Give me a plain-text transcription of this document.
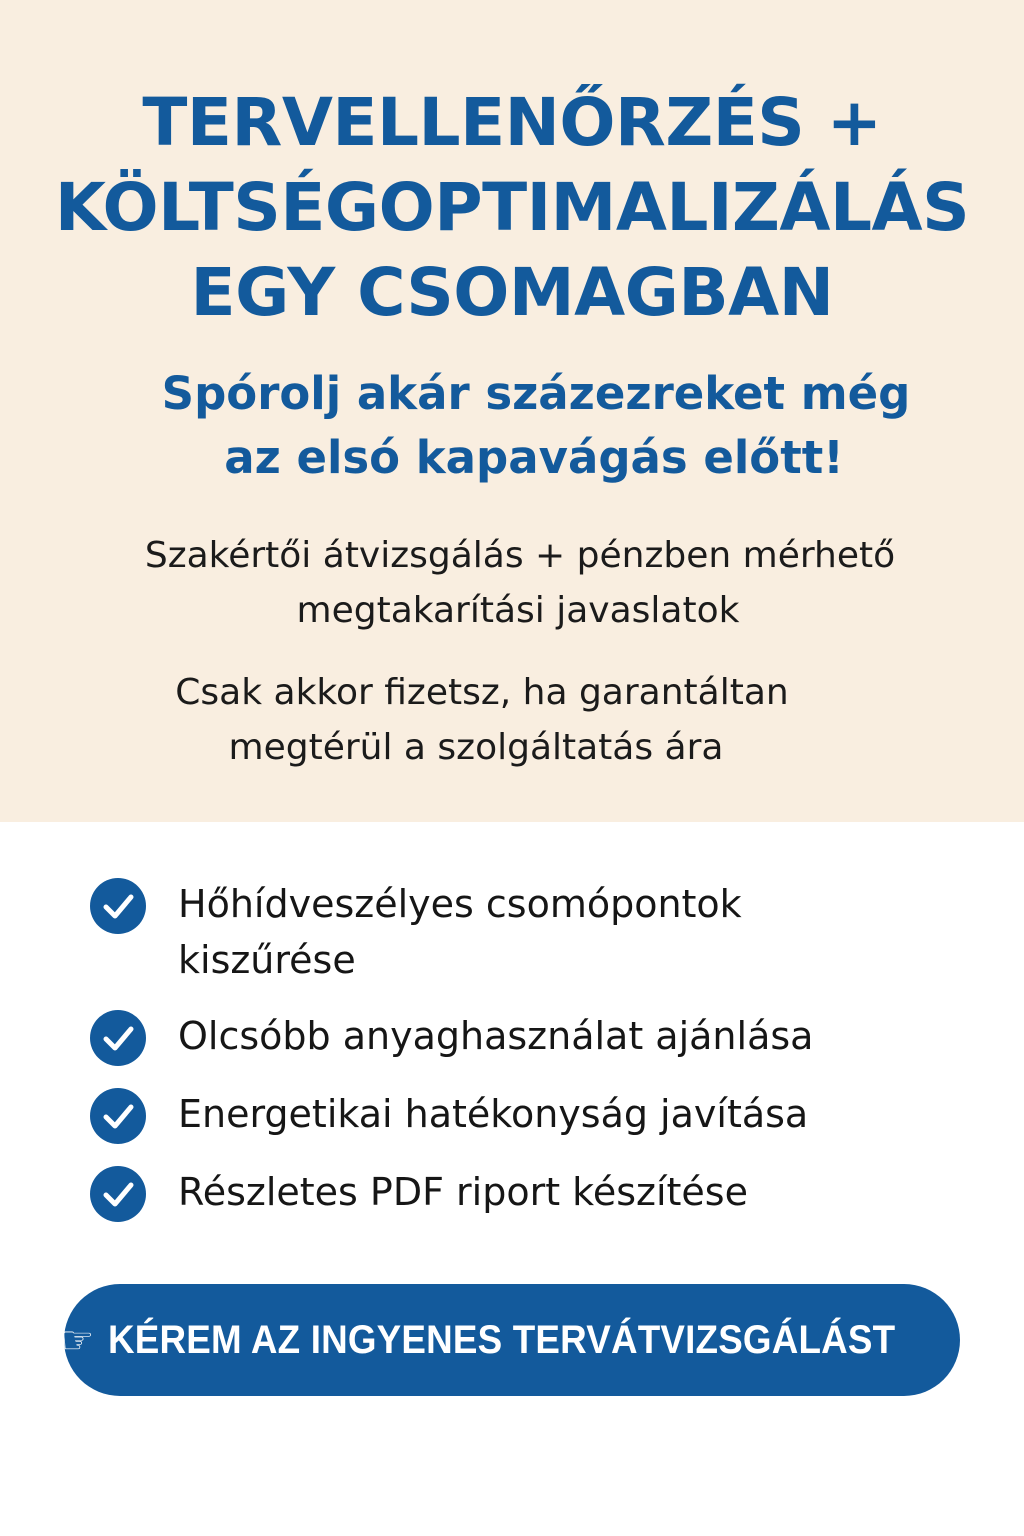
TERVELLENŐRZÉS +
KÖLTSÉGOPTIMALIZÁLÁS
EGY CSOMAGBAN
Spórolj akár százezreket még
az elsó kapavágás előtt!

Szakértői átvizsgálás + pénzben mérhető
megtakarítási javaslatok

Csak akkor fizetsz, ha garantáltan
megtérül a szolgáltatás ára

Hőhídveszélyes csomópontok kiszűrése
Olcsóbb anyaghasználat ajánlása
Energetikai hatékonyság javítása
Részletes PDF riport készítése
☞ KÉREM AZ INGYENES TERVÁTVIZSGÁLÁST
